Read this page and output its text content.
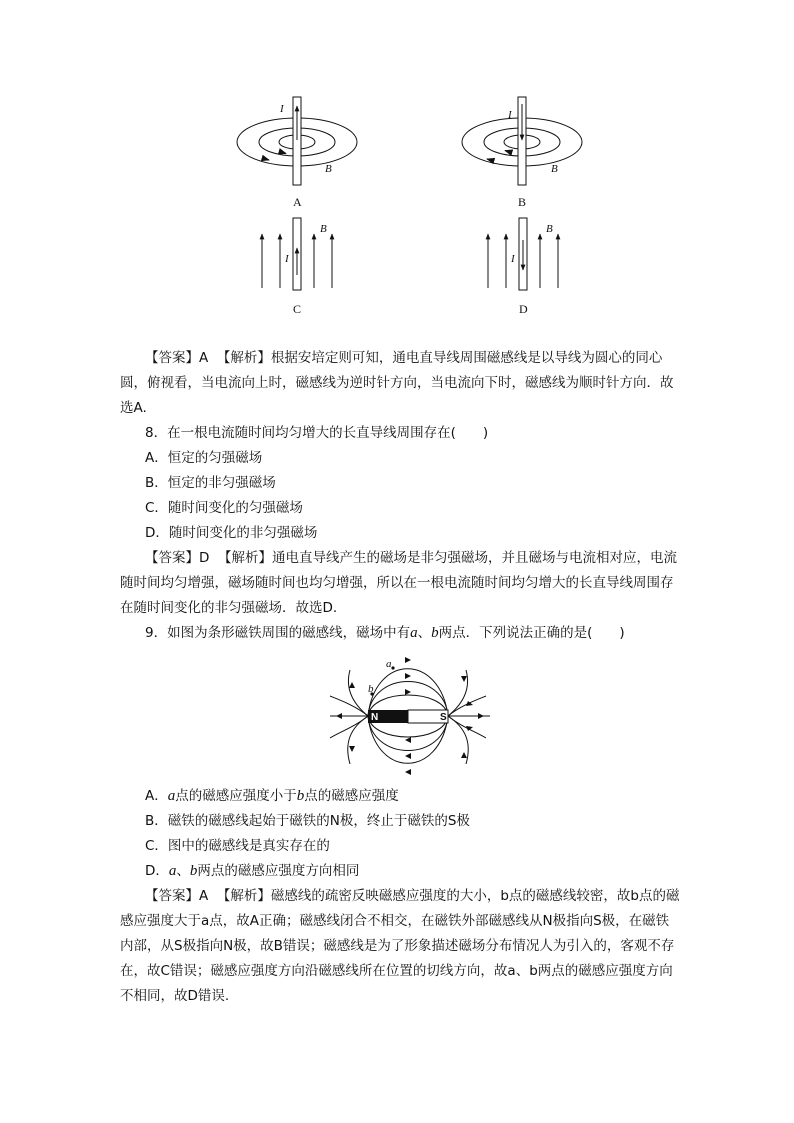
I
B
I
B
I
B
I
B
A	B
C	D

【答案】A 【解析】根据安培定则可知，通电直导线周围磁感线是以导线为圆心的同心圆，俯视看，当电流向上时，磁感线为逆时针方向，当电流向下时，磁感线为顺时针方向．故选A.

8．在一根电流随时间均匀增大的长直导线周围存在(　　)

A．恒定的匀强磁场

B．恒定的非匀强磁场

C．随时间变化的匀强磁场

D．随时间变化的非匀强磁场

【答案】D 【解析】通电直导线产生的磁场是非匀强磁场，并且磁场与电流相对应，电流随时间均匀增强，磁场随时间也均匀增强，所以在一根电流随时间均匀增大的长直导线周围存在随时间变化的非匀强磁场．故选D.

9．如图为条形磁铁周围的磁感线，磁场中有a、b两点．下列说法正确的是(　　)

N	S
a
b

A．a点的磁感应强度小于b点的磁感应强度

B．磁铁的磁感线起始于磁铁的N极，终止于磁铁的S极

C．图中的磁感线是真实存在的

D．a、b两点的磁感应强度方向相同

【答案】A 【解析】磁感线的疏密反映磁感应强度的大小，b点的磁感线较密，故b点的磁感应强度大于a点，故A正确；磁感线闭合不相交，在磁铁外部磁感线从N极指向S极，在磁铁内部，从S极指向N极，故B错误；磁感线是为了形象描述磁场分布情况人为引入的，客观不存在，故C错误；磁感应强度方向沿磁感线所在位置的切线方向，故a、b两点的磁感应强度方向不相同，故D错误.
